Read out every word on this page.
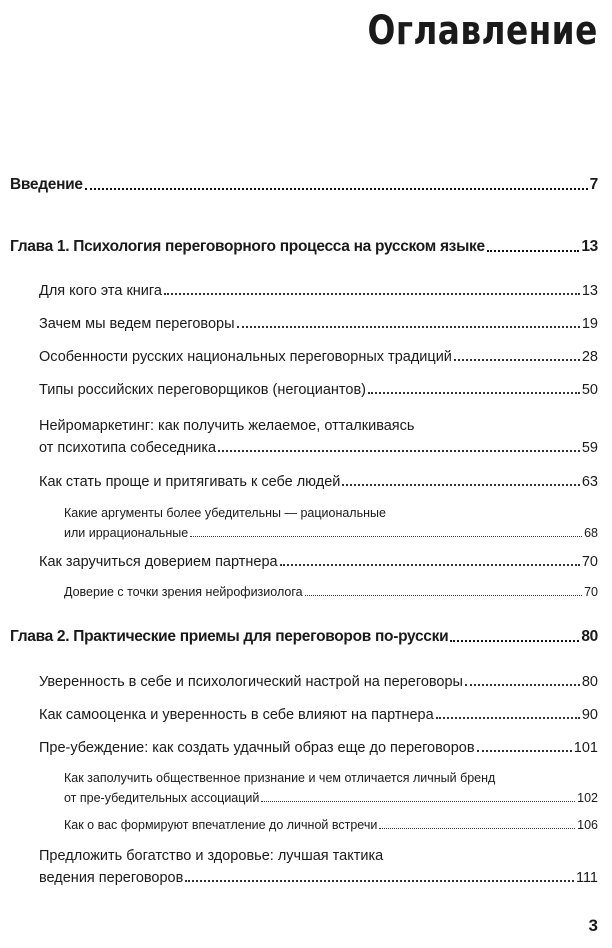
Оглавление
Введение	7
Глава 1. Психология переговорного процесса на русском языке	13
Для кого эта книга	13
Зачем мы ведем переговоры	19
Особенности русских национальных переговорных традиций	28
Типы российских переговорщиков (негоциантов)	50
Нейромаркетинг: как получить желаемое, отталкиваясь
от психотипа собеседника	59
Как стать проще и притягивать к себе людей	63
Какие аргументы более убедительны — рациональные
или иррациональные	68
Как заручиться доверием партнера	70
Доверие с точки зрения нейрофизиолога	70
Глава 2. Практические приемы для переговоров по-русски	80
Уверенность в себе и психологический настрой на переговоры	80
Как самооценка и уверенность в себе влияют на партнера	90
Пре-убеждение: как создать удачный образ еще до переговоров	101
Как заполучить общественное признание и чем отличается личный бренд
от пре-убедительных ассоциаций	102
Как о вас формируют впечатление до личной встречи	106
Предложить богатство и здоровье: лучшая тактика
ведения переговоров	111
3
